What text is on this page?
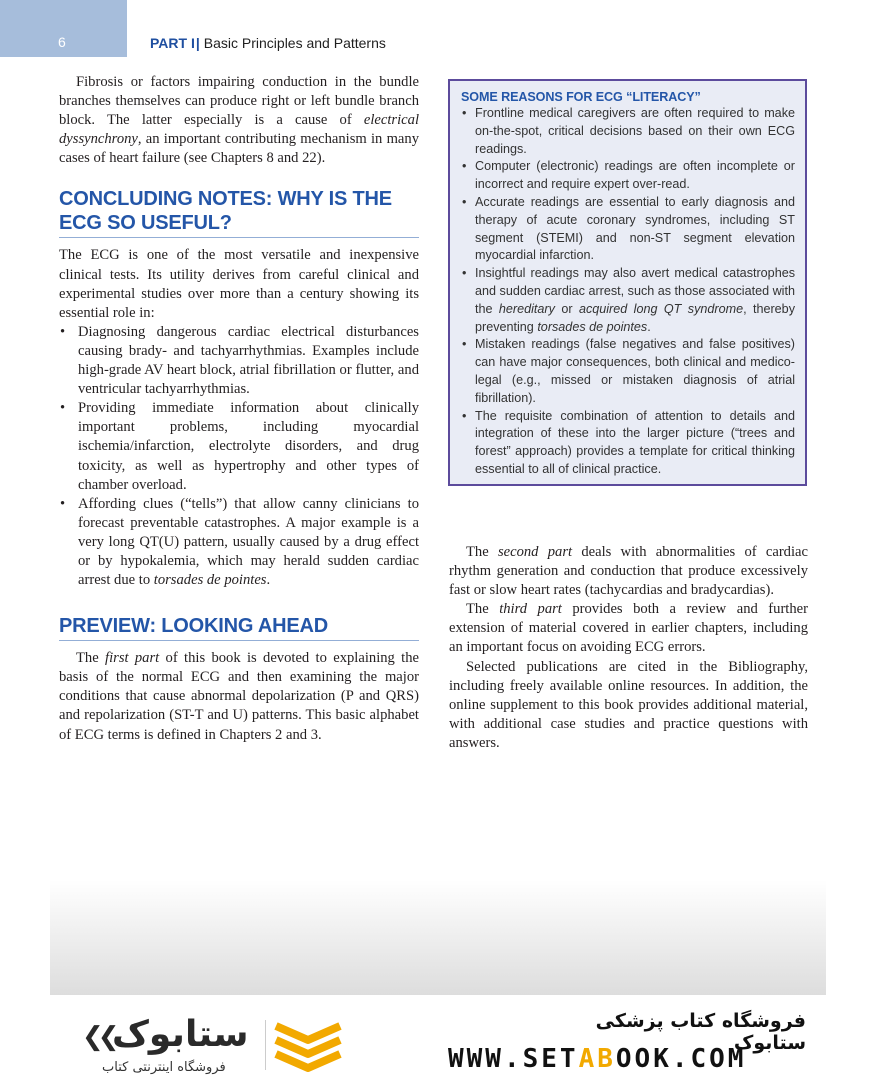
6	PART I| Basic Principles and Patterns

Fibrosis or factors impairing conduction in the bundle branches themselves can produce right or left bundle branch block. The latter especially is a cause of electrical dyssynchrony, an important contributing mechanism in many cases of heart failure (see Chapters 8 and 22).

CONCLUDING NOTES: WHY IS THE ECG SO USEFUL?

The ECG is one of the most versatile and inexpensive clinical tests. Its utility derives from careful clinical and experimental studies over more than a century showing its essential role in:

• Diagnosing dangerous cardiac electrical disturbances causing brady- and tachyarrhythmias. Examples include high-grade AV heart block, atrial fibrillation or flutter, and ventricular tachyarrhythmias.
• Providing immediate information about clinically important problems, including myocardial ischemia/infarction, electrolyte disorders, and drug toxicity, as well as hypertrophy and other types of chamber overload.
• Affording clues (“tells”) that allow canny clinicians to forecast preventable catastrophes. A major example is a very long QT(U) pattern, usually caused by a drug effect or by hypokalemia, which may herald sudden cardiac arrest due to torsades de pointes.
PREVIEW: LOOKING AHEAD

The first part of this book is devoted to explaining the basis of the normal ECG and then examining the major conditions that cause abnormal depolarization (P and QRS) and repolarization (ST-T and U) patterns. This basic alphabet of ECG terms is defined in Chapters 2 and 3.

SOME REASONS FOR ECG “LITERACY”
• Frontline medical caregivers are often required to make on-the-spot, critical decisions based on their own ECG readings.
• Computer (electronic) readings are often incomplete or incorrect and require expert over-read.
• Accurate readings are essential to early diagnosis and therapy of acute coronary syndromes, including ST segment (STEMI) and non-ST segment elevation myocardial infarction.
• Insightful readings may also avert medical catastrophes and sudden cardiac arrest, such as those associated with the hereditary or acquired long QT syndrome, thereby preventing torsades de pointes.
• Mistaken readings (false negatives and false positives) can have major consequences, both clinical and medico-legal (e.g., missed or mistaken diagnosis of atrial fibrillation).
• The requisite combination of attention to details and integration of these into the larger picture (“trees and forest” approach) provides a template for critical thinking essential to all of clinical practice.

The second part deals with abnormalities of cardiac rhythm generation and conduction that produce excessively fast or slow heart rates (tachycardias and bradycardias).

The third part provides both a review and further extension of material covered in earlier chapters, including an important focus on avoiding ECG errors.

Selected publications are cited in the Bibliography, including freely available online resources. In addition, the online supplement to this book provides additional material, with additional case studies and practice questions with answers.

❮❮
ستابوک
فروشگاه اینترنتی کتاب
فروشگاه کتاب پزشکی ستابوک
WWW.SETABOOK.COM
